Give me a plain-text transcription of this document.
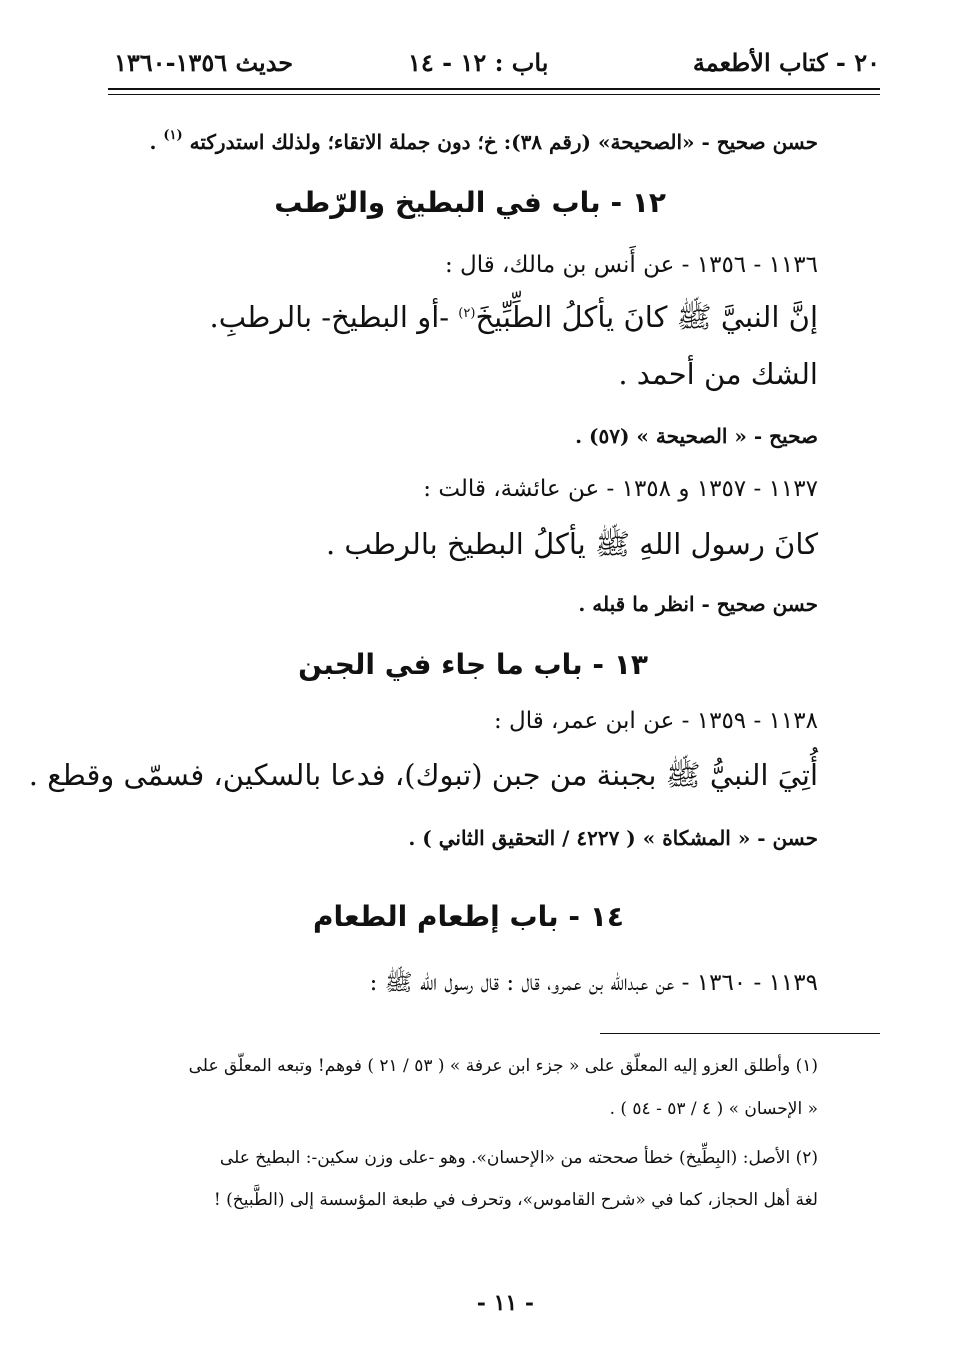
٢٠ - كتاب الأطعمة
باب : ١٢ - ١٤
حديث ١٣٥٦-١٣٦٠
حسن صحيح - «الصحيحة» (رقم ٣٨): خ؛ دون جملة الاتقاء؛ ولذلك استدركته $^{(١)}$ .
١٢ - باب في البطيخ والرّطب
١١٣٦ - ١٣٥٦ - عن أَنس بن مالك، قال :
إنَّ النبيَّ ﷺ كانَ يأكلُ الطِّبِّيخَ$^{(٢)}$ -أو البطيخ- بالرطبِ.
الشك من أحمد .
صحيح - « الصحيحة » (٥٧) .
١١٣٧ - ١٣٥٧ و ١٣٥٨ - عن عائشة، قالت :
كانَ رسول اللهِ ﷺ يأكلُ البطيخ بالرطب .
حسن صحيح - انظر ما قبله .
١٣ - باب ما جاء في الجبن
١١٣٨ - ١٣٥٩ - عن ابن عمر، قال :
أُتِيَ النبيُّ ﷺ بجبنة من جبن (تبوك)، فدعا بالسكين، فسمّى وقطع .
حسن - « المشكاة » ( ٤٢٢٧ / التحقيق الثاني ) .
١٤ - باب إطعام الطعام
١١٣٩ - ١٣٦٠ - عن عبدالله بن عمرو، قال : قال رسول الله ﷺ :
(١) وأطلق العزو إليه المعلّق على « جزء ابن عرفة » ( ٥٣ / ٢١ ) فوهم! وتبعه المعلّق على
« الإحسان » ( ٤ / ٥٣ - ٥٤ ) .
(٢) الأصل: (البِطِّيخ) خطأ صححته من «الإحسان». وهو -على وزن سكين-: البطيخ على
لغة أهل الحجاز، كما في «شرح القاموس»، وتحرف في طبعة المؤسسة إلى (الطَّبيخ) !
- ١١ -
